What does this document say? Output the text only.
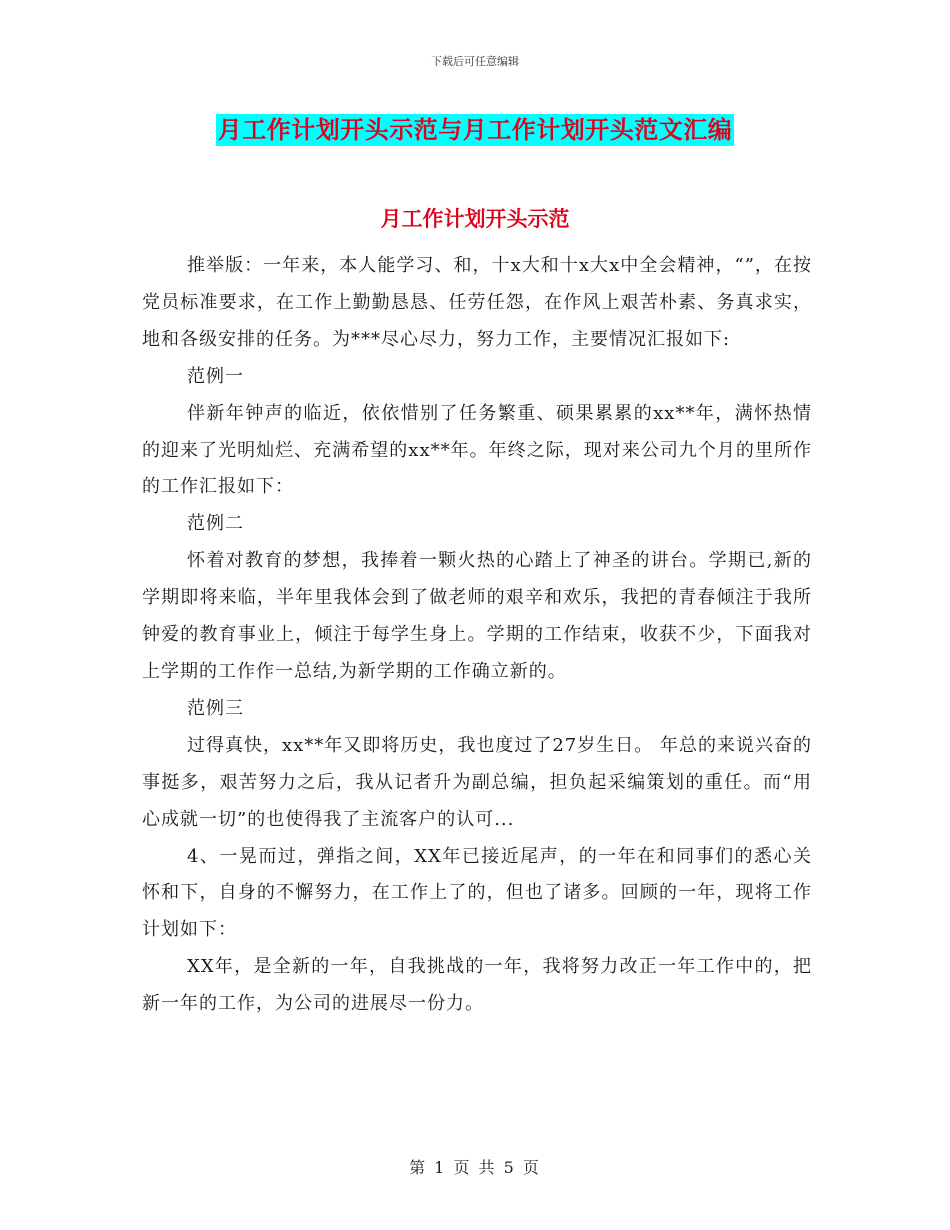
下载后可任意编辑
月工作计划开头示范与月工作计划开头范文汇编
月工作计划开头示范

推举版：一年来，本人能学习、和，十x大和十x大x中全会精神，“”，在按党员标准要求，在工作上勤勤恳恳、任劳任怨，在作风上艰苦朴素、务真求实，地和各级安排的任务。为***尽心尽力，努力工作，主要情况汇报如下:

范例一

伴新年钟声的临近，依依惜别了任务繁重、硕果累累的xx**年，满怀热情的迎来了光明灿烂、充满希望的xx**年。年终之际，现对来公司九个月的里所作的工作汇报如下：

范例二

怀着对教育的梦想，我捧着一颗火热的心踏上了神圣的讲台。学期已,新的学期即将来临，半年里我体会到了做老师的艰辛和欢乐，我把的青春倾注于我所钟爱的教育事业上，倾注于每学生身上。学期的工作结束，收获不少，下面我对上学期的工作作一总结,为新学期的工作确立新的。

范例三

过得真快，xx**年又即将历史，我也度过了27岁生日。 年总的来说兴奋的事挺多，艰苦努力之后，我从记者升为副总编，担负起采编策划的重任。而“用心成就一切”的也使得我了主流客户的认可...

4、一晃而过，弹指之间，XX年已接近尾声，的一年在和同事们的悉心关怀和下，自身的不懈努力，在工作上了的，但也了诸多。回顾的一年，现将工作计划如下：

XX年，是全新的一年，自我挑战的一年，我将努力改正一年工作中的，把新一年的工作，为公司的进展尽一份力。

第 1 页 共 5 页
